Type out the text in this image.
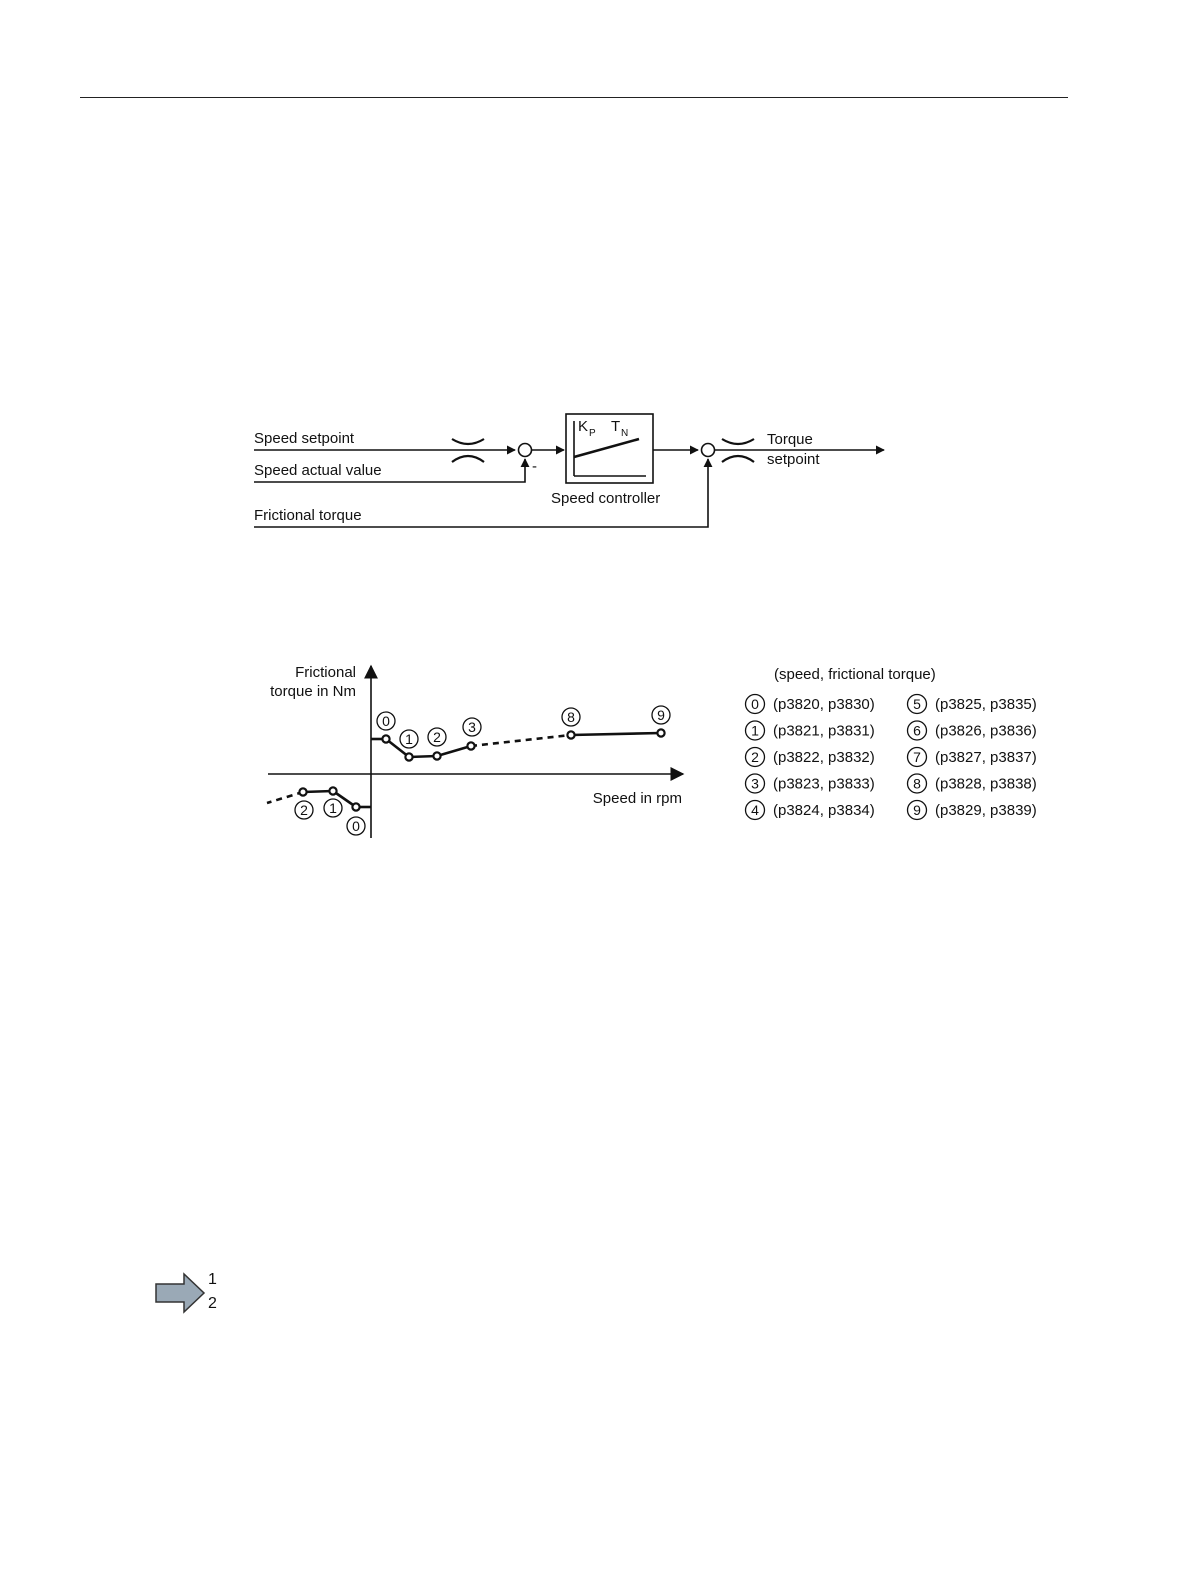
Speed setpoint
Speed actual value
Frictional torque
-
K P T N
Speed controller
Torque
setpoint
Frictional
torque in Nm
Speed in rpm
0
1 2
3
8	9
0
1
2
(speed, frictional torque)
0 (p3820, p3830)
1 (p3821, p3831)
2 (p3822, p3832)
3 (p3823, p3833)
4 (p3824, p3834)
5 (p3825, p3835)
6 (p3826, p3836)
7 (p3827, p3837)
8 (p3828, p3838)
9 (p3829, p3839)
1
2
